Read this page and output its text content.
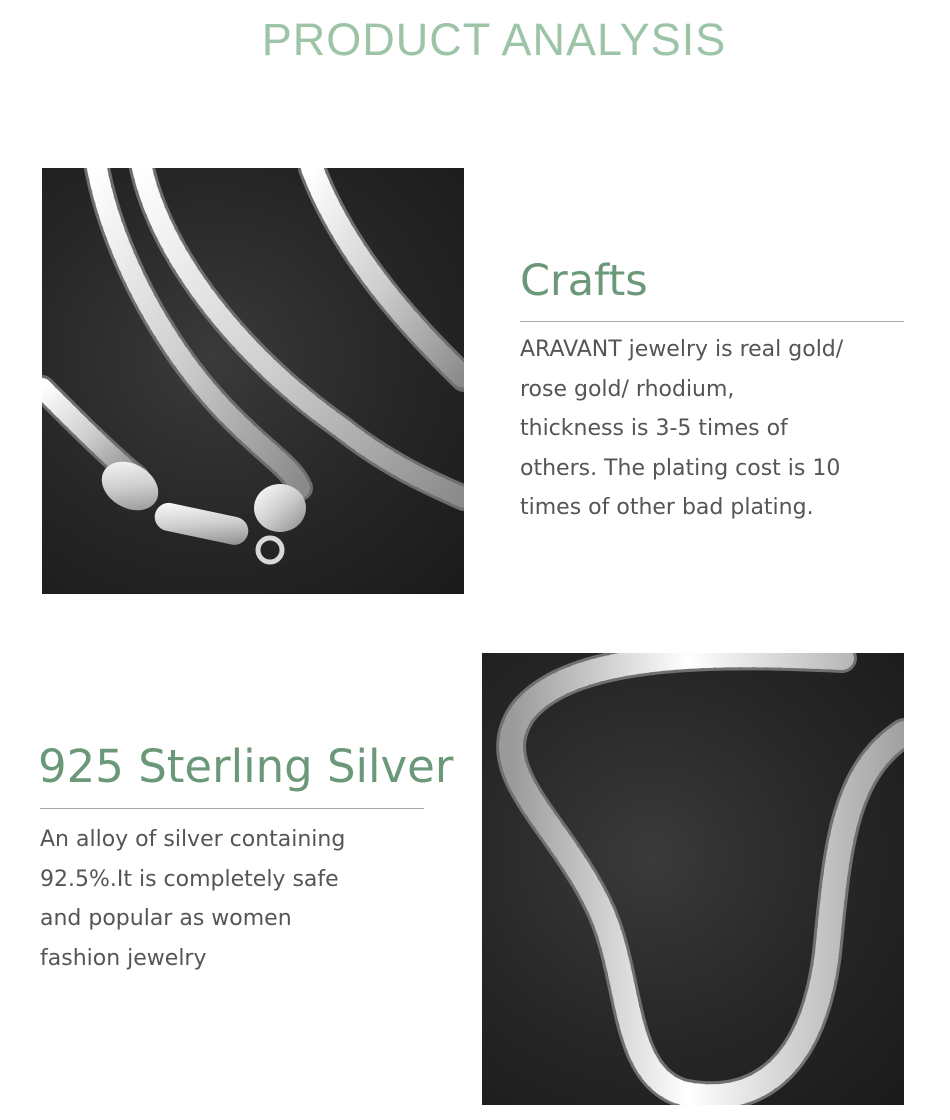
PRODUCT ANALYSIS
Crafts

ARAVANT jewelry is real gold/
rose gold/ rhodium,
thickness is 3-5 times of
others. The plating cost is 10
times of other bad plating.

925 Sterling Silver

An alloy of silver containing
92.5%.It is completely safe
and popular as women
fashion jewelry
